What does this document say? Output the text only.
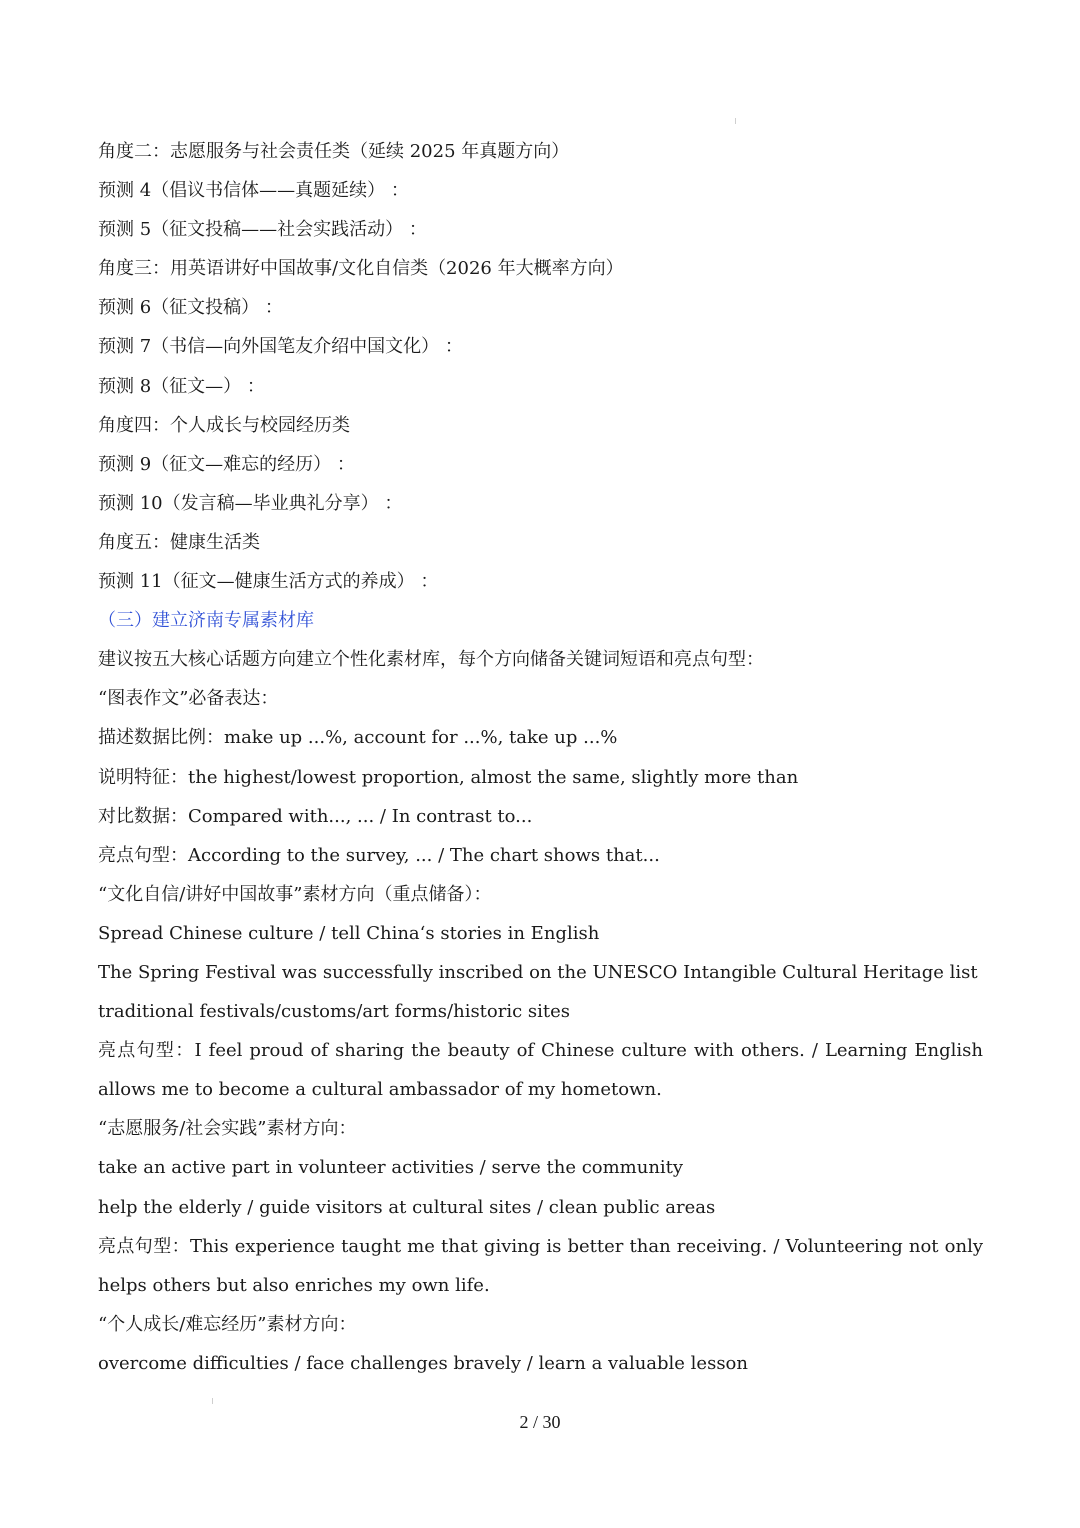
角度二：志愿服务与社会责任类（延续 2025 年真题方向）
预测 4（倡议书信体——真题延续） ：
预测 5（征文投稿——社会实践活动） ：
角度三：用英语讲好中国故事/文化自信类（2026 年大概率方向）
预测 6（征文投稿） ：
预测 7（书信—向外国笔友介绍中国文化） ：
预测 8（征文—） ：
角度四：个人成长与校园经历类
预测 9（征文—难忘的经历） ：
预测 10（发言稿—毕业典礼分享） ：
角度五：健康生活类
预测 11（征文—健康生活方式的养成） ：
（三）建立济南专属素材库
建议按五大核心话题方向建立个性化素材库，每个方向储备关键词短语和亮点句型：
“图表作文”必备表达：
描述数据比例：make up ...%, account for ...%, take up ...%
说明特征：the highest/lowest proportion, almost the same, slightly more than
对比数据：Compared with..., ... / In contrast to...
亮点句型：According to the survey, ... / The chart shows that...
“文化自信/讲好中国故事”素材方向（重点储备）：
Spread Chinese culture / tell China‘s stories in English
The Spring Festival was successfully inscribed on the UNESCO Intangible Cultural Heritage list
traditional festivals/customs/art forms/historic sites
亮点句型：I feel proud of sharing the beauty of Chinese culture with others. / Learning English allows me to become a cultural ambassador of my hometown.
“志愿服务/社会实践”素材方向：
take an active part in volunteer activities / serve the community
help the elderly / guide visitors at cultural sites / clean public areas
亮点句型：This experience taught me that giving is better than receiving. / Volunteering not only helps others but also enriches my own life.
“个人成长/难忘经历”素材方向：
overcome difficulties / face challenges bravely / learn a valuable lesson
2 / 30
